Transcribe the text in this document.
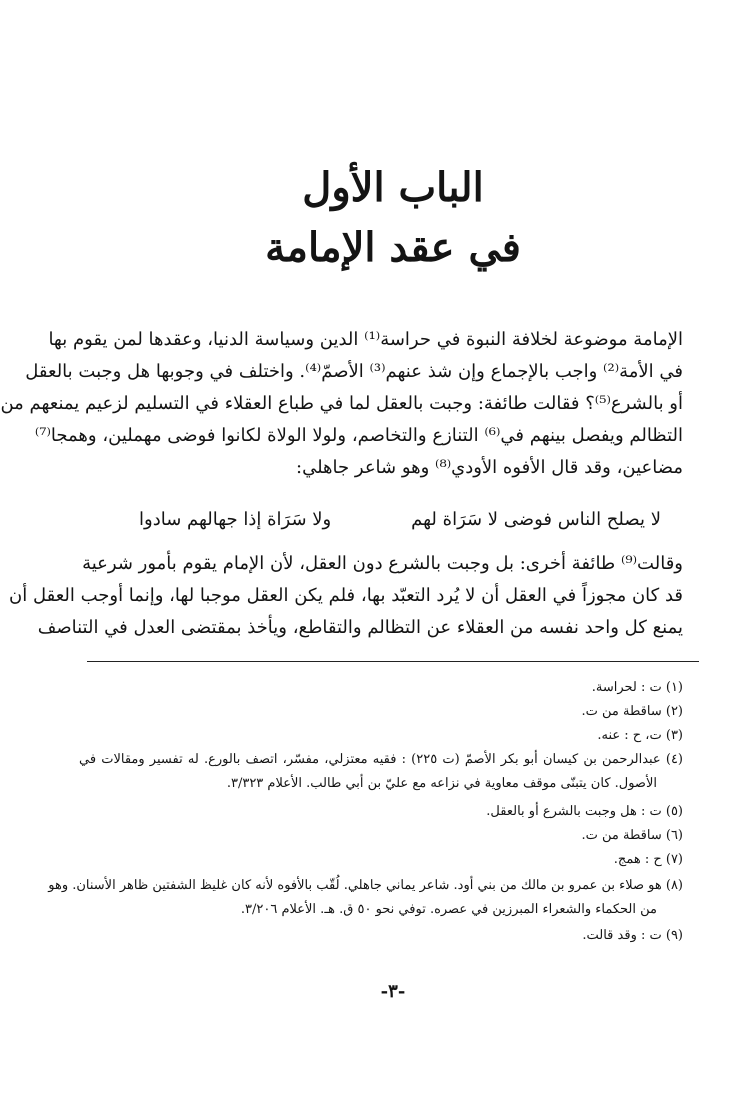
الباب الأول
في عقد الإمامة
الإمامة موضوعة لخلافة النبوة في حراسة⁽¹⁾ الدين وسياسة الدنيا، وعقدها لمن يقوم بها
في الأمة⁽²⁾ واجب بالإجماع وإن شذ عنهم⁽³⁾ الأصمّ⁽⁴⁾. واختلف في وجوبها هل وجبت بالعقل
أو بالشرع⁽⁵⁾؟ فقالت طائفة: وجبت بالعقل لما في طباع العقلاء في التسليم لزعيم يمنعهم من
التظالم ويفصل بينهم في⁽⁶⁾ التنازع والتخاصم، ولولا الولاة لكانوا فوضى مهملين، وهمجا⁽⁷⁾
مضاعين، وقد قال الأفوه الأودي⁽⁸⁾ وهو شاعر جاهلي:
لا يصلح الناس فوضى لا سَرَاة لهم
ولا سَرَاة إذا جهالهم سادوا
وقالت⁽⁹⁾ طائفة أخرى: بل وجبت بالشرع دون العقل، لأن الإمام يقوم بأمور شرعية
قد كان مجوزاً في العقل أن لا يُرد التعبّد بها، فلم يكن العقل موجبا لها، وإنما أوجب العقل أن
يمنع كل واحد نفسه من العقلاء عن التظالم والتقاطع، ويأخذ بمقتضى العدل في التناصف
(١) ت : لحراسة.
(٢) ساقطة من ت.
(٣) ت، ح : عنه.
(٤) عبدالرحمن بن كيسان أبو بكر الأصمّ (ت ٢٢٥) : فقيه معتزلي، مفسّر، اتصف بالورع. له تفسير ومقالات في
الأصول. كان يتبنّى موقف معاوية في نزاعه مع عليّ بن أبي طالب. الأعلام ٣/٣٢٣.
(٥) ت : هل وجبت بالشرع أو بالعقل.
(٦) ساقطة من ت.
(٧) ح : همج.
(٨) هو صلاء بن عمرو بن مالك من بني أود. شاعر يماني جاهلي. لُقّب بالأفوه لأنه كان غليظ الشفتين ظاهر الأسنان. وهو
من الحكماء والشعراء المبرزين في عصره. توفي نحو ٥٠ ق. هـ. الأعلام ٣/٢٠٦.
(٩) ت : وقد قالت.
-٣-
